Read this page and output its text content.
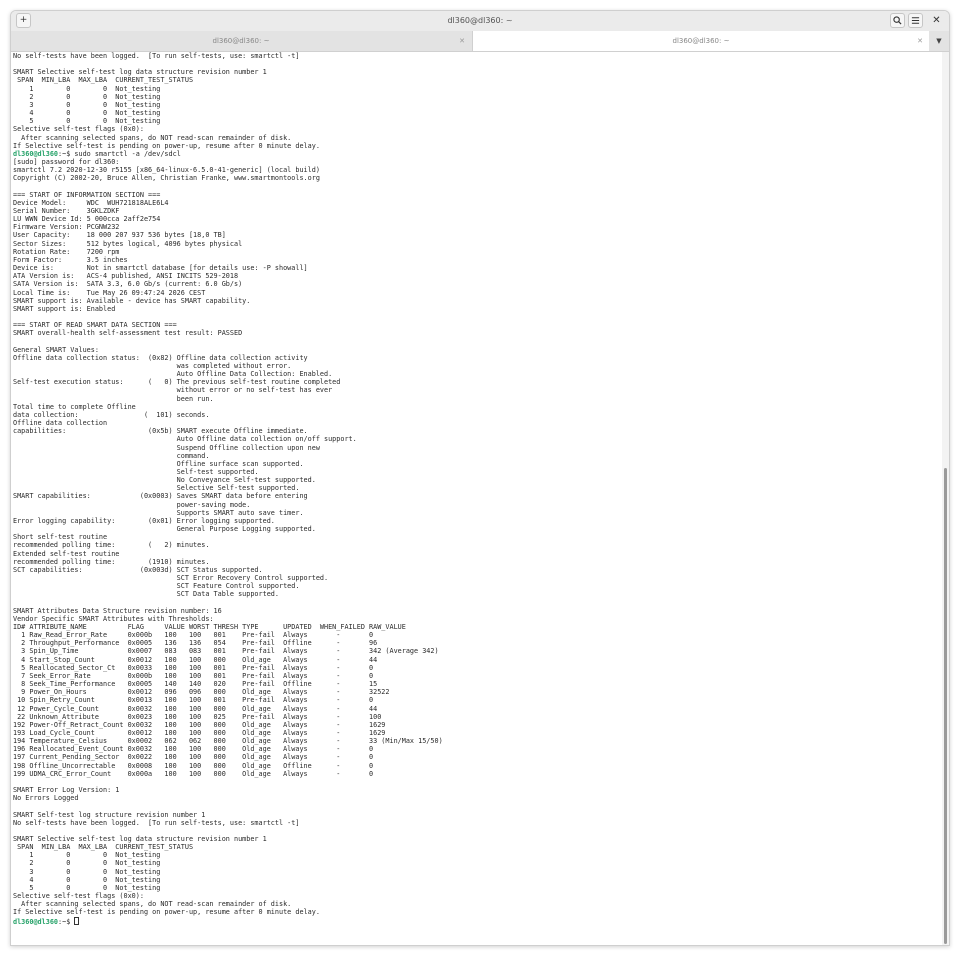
+	dl360@dl360: ~	✕
dl360@dl360: ~	✕	dl360@dl360: ~	✕	▼
No self-tests have been logged.  [To run self-tests, use: smartctl -t]

SMART Selective self-test log data structure revision number 1
SPAN  MIN_LBA  MAX_LBA  CURRENT_TEST_STATUS
1        0        0  Not_testing
2        0        0  Not_testing
3        0        0  Not_testing
4        0        0  Not_testing
5        0        0  Not_testing
Selective self-test flags (0x0):
After scanning selected spans, do NOT read-scan remainder of disk.
If Selective self-test is pending on power-up, resume after 0 minute delay.

dl360@dl360:~$ sudo smartctl -a /dev/sdcl
[sudo] password for dl360:
smartctl 7.2 2020-12-30 r5155 [x86_64-linux-6.5.0-41-generic] (local build)
Copyright (C) 2002-20, Bruce Allen, Christian Franke, www.smartmontools.org

=== START OF INFORMATION SECTION ===
Device Model:     WDC  WUH721818ALE6L4
Serial Number:    3GKLZDKF
LU WWN Device Id: 5 000cca 2aff2e754
Firmware Version: PCGNW232
User Capacity:    18 000 207 937 536 bytes [18,0 TB]
Sector Sizes:     512 bytes logical, 4096 bytes physical
Rotation Rate:    7200 rpm
Form Factor:      3.5 inches
Device is:        Not in smartctl database [for details use: -P showall]
ATA Version is:   ACS-4 published, ANSI INCITS 529-2018
SATA Version is:  SATA 3.3, 6.0 Gb/s (current: 6.0 Gb/s)
Local Time is:    Tue May 26 09:47:24 2026 CEST
SMART support is: Available - device has SMART capability.
SMART support is: Enabled

=== START OF READ SMART DATA SECTION ===
SMART overall-health self-assessment test result: PASSED

General SMART Values:
Offline data collection status:  (0x82) Offline data collection activity
was completed without error.
Auto Offline Data Collection: Enabled.
Self-test execution status:      (   0) The previous self-test routine completed
without error or no self-test has ever
been run.
Total time to complete Offline
data collection:                (  101) seconds.
Offline data collection
capabilities:                    (0x5b) SMART execute Offline immediate.
Auto Offline data collection on/off support.
Suspend Offline collection upon new
command.
Offline surface scan supported.
Self-test supported.
No Conveyance Self-test supported.
Selective Self-test supported.
SMART capabilities:            (0x0003) Saves SMART data before entering
power-saving mode.
Supports SMART auto save timer.
Error logging capability:        (0x01) Error logging supported.
General Purpose Logging supported.
Short self-test routine
recommended polling time:        (   2) minutes.
Extended self-test routine
recommended polling time:        (1910) minutes.
SCT capabilities:              (0x003d) SCT Status supported.
SCT Error Recovery Control supported.
SCT Feature Control supported.
SCT Data Table supported.

SMART Attributes Data Structure revision number: 16
Vendor Specific SMART Attributes with Thresholds:
ID# ATTRIBUTE_NAME          FLAG     VALUE WORST THRESH TYPE      UPDATED  WHEN_FAILED RAW_VALUE
1 Raw_Read_Error_Rate     0x000b   100   100   001    Pre-fail  Always       -       0
2 Throughput_Performance  0x0005   136   136   054    Pre-fail  Offline      -       96
3 Spin_Up_Time            0x0007   083   083   001    Pre-fail  Always       -       342 (Average 342)
4 Start_Stop_Count        0x0012   100   100   000    Old_age   Always       -       44
5 Reallocated_Sector_Ct   0x0033   100   100   001    Pre-fail  Always       -       0
7 Seek_Error_Rate         0x000b   100   100   001    Pre-fail  Always       -       0
8 Seek_Time_Performance   0x0005   140   140   020    Pre-fail  Offline      -       15
9 Power_On_Hours          0x0012   096   096   000    Old_age   Always       -       32522
10 Spin_Retry_Count        0x0013   100   100   001    Pre-fail  Always       -       0
12 Power_Cycle_Count       0x0032   100   100   000    Old_age   Always       -       44
22 Unknown_Attribute       0x0023   100   100   025    Pre-fail  Always       -       100
192 Power-Off_Retract_Count 0x0032   100   100   000    Old_age   Always       -       1629
193 Load_Cycle_Count        0x0012   100   100   000    Old_age   Always       -       1629
194 Temperature_Celsius     0x0002   062   062   000    Old_age   Always       -       33 (Min/Max 15/50)
196 Reallocated_Event_Count 0x0032   100   100   000    Old_age   Always       -       0
197 Current_Pending_Sector  0x0022   100   100   000    Old_age   Always       -       0
198 Offline_Uncorrectable   0x0008   100   100   000    Old_age   Offline      -       0
199 UDMA_CRC_Error_Count    0x000a   100   100   000    Old_age   Always       -       0

SMART Error Log Version: 1
No Errors Logged

SMART Self-test log structure revision number 1
No self-tests have been logged.  [To run self-tests, use: smartctl -t]

SMART Selective self-test log data structure revision number 1
SPAN  MIN_LBA  MAX_LBA  CURRENT_TEST_STATUS
1        0        0  Not_testing
2        0        0  Not_testing
3        0        0  Not_testing
4        0        0  Not_testing
5        0        0  Not_testing
Selective self-test flags (0x0):
After scanning selected spans, do NOT read-scan remainder of disk.
If Selective self-test is pending on power-up, resume after 0 minute delay.

dl360@dl360:~$
